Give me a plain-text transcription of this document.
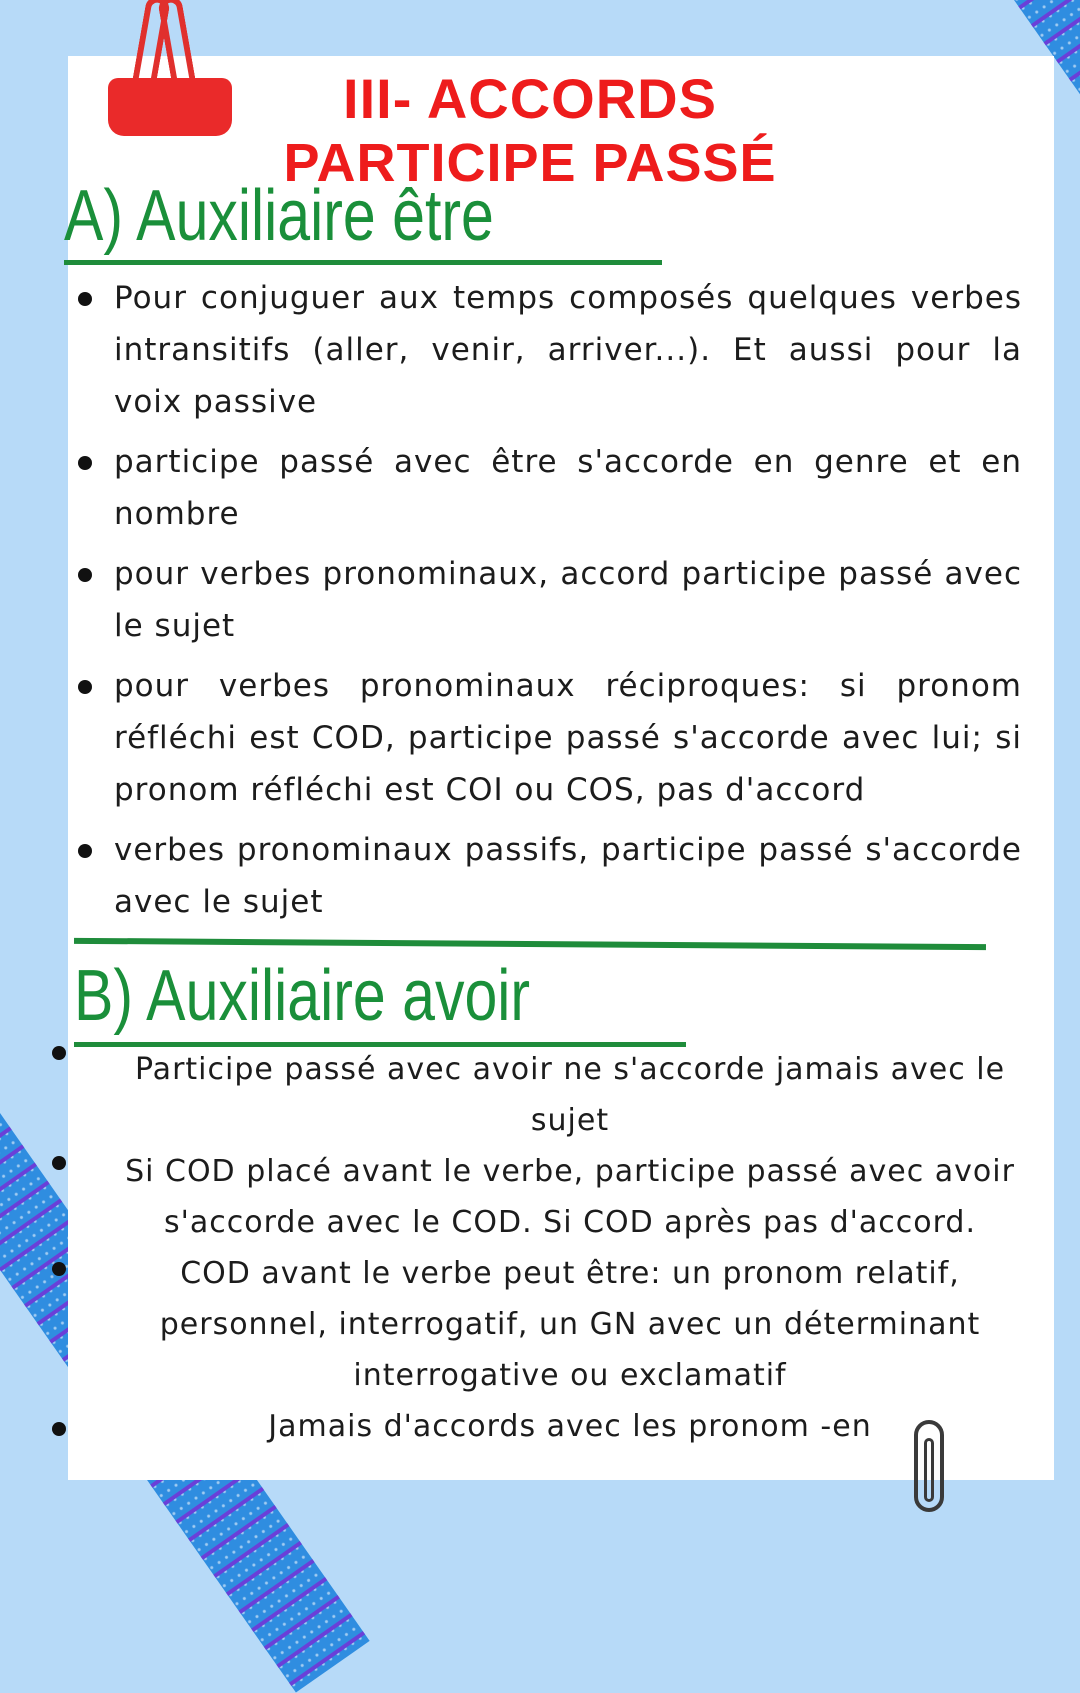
III- ACCORDS
PARTICIPE PASSÉ
A) Auxiliaire être
Pour conjuguer aux temps composés quelques verbes intransitifs (aller, venir, arriver...). Et aussi pour la voix passive
participe passé avec être s'accorde en genre et en nombre
pour verbes pronominaux, accord participe passé avec le sujet
pour verbes pronominaux réciproques: si pronom réfléchi est COD, participe passé s'accorde avec lui; si pronom réfléchi est COI ou COS, pas d'accord
verbes pronominaux passifs, participe passé s'accorde avec le sujet
B) Auxiliaire avoir

Participe passé avec avoir ne s'accorde jamais avec le sujet

Si COD placé avant le verbe, participe passé avec avoir s'accorde avec le COD. Si COD après pas d'accord.

COD avant le verbe peut être: un pronom relatif, personnel, interrogatif, un GN avec un déterminant interrogative ou exclamatif

Jamais d'accords avec les pronom -en
